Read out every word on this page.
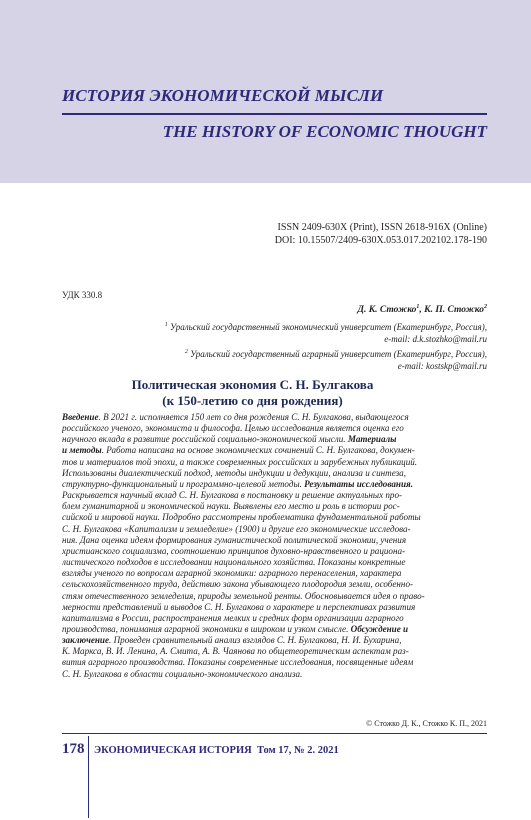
ИСТОРИЯ ЭКОНОМИЧЕСКОЙ МЫСЛИ
THE HISTORY OF ECONOMIC THOUGHT
ISSN 2409-630X (Print), ISSN 2618-916X (Online)
DOI: 10.15507/2409-630X.053.017.202102.178-190
УДК 330.8
Д. К. Стожко$^1$, К. П. Стожко$^2$
$^1$ Уральский государственный экономический университет (Екатеринбург, Россия),
e-mail: d.k.stozhko@mail.ru
$^2$ Уральский государственный аграрный университет (Екатеринбург, Россия),
e-mail: kostskp@mail.ru
Политическая экономия С. Н. Булгакова
(к 150-летию со дня рождения)
Введение. В 2021 г. исполняется 150 лет со дня рождения С. Н. Булгакова, выдающегося
российского ученого, экономиста и философа. Целью исследования является оценка его
научного вклада в развитие российской социально-экономической мысли. Материалы
и методы. Работа написана на основе экономических сочинений С. Н. Булгакова, докумен-
тов и материалов той эпохи, а также современных российских и зарубежных публикаций.
Использованы диалектический подход, методы индукции и дедукции, анализа и синтеза,
структурно-функциональный и программно-целевой методы. Результаты исследования.
Раскрывается научный вклад С. Н. Булгакова в постановку и решение актуальных про-
блем гуманитарной и экономической науки. Выявлены его место и роль в истории рос-
сийской и мировой науки. Подробно рассмотрены проблематика фундаментальной работы
С. Н. Булгакова «Капитализм и земледелие» (1900) и другие его экономические исследова-
ния. Дана оценка идеям формирования гуманистической политической экономии, учения
христианского социализма, соотношению принципов духовно-нравственного и рациона-
листического подходов в исследовании национального хозяйства. Показаны конкретные
взгляды ученого по вопросам аграрной экономики: аграрного перенаселения, характера
сельскохозяйственного труда, действию закона убывающего плодородия земли, особенно-
стям отечественного земледелия, природы земельной ренты. Обосновывается идея о право-
мерности представлений и выводов С. Н. Булгакова о характере и перспективах развития
капитализма в России, распространения мелких и средних форм организации аграрного
производства, понимания аграрной экономики в широком и узком смысле. Обсуждение и
заключение. Проведен сравнительный анализ взглядов С. Н. Булгакова, Н. И. Бухарина,
К. Маркса, В. И. Ленина, А. Смита, А. В. Чаянова по общетеоретическим аспектам раз-
вития аграрного производства. Показаны современные исследования, посвященные идеям
С. Н. Булгакова в области социально-экономического анализа.
© Стожко Д. К., Стожко К. П., 2021
178 ЭКОНОМИЧЕСКАЯ ИСТОРИЯ Том 17, № 2. 2021
